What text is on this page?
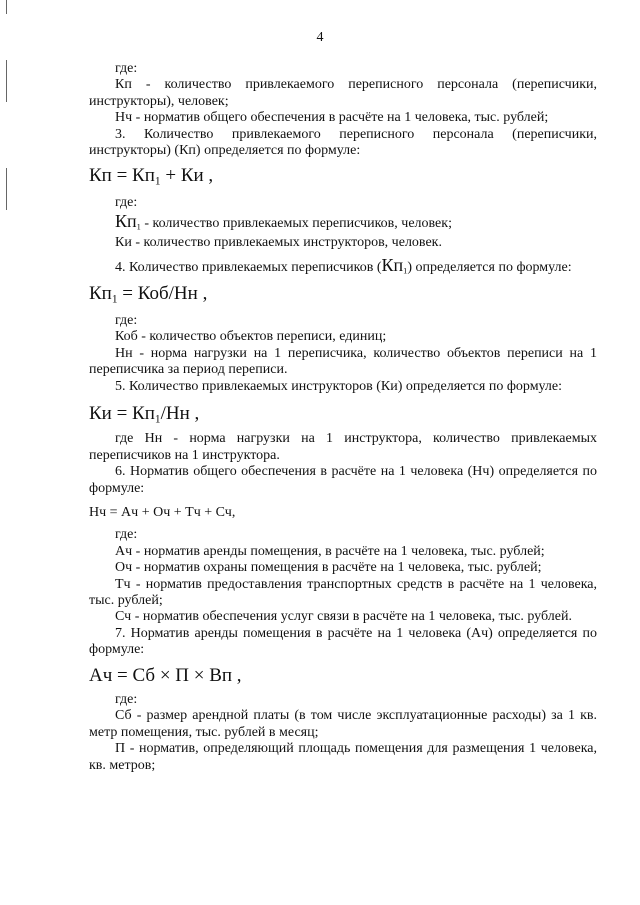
4

где:

Кп - количество привлекаемого переписного персонала (переписчики, инструкторы), человек;

Нч - норматив общего обеспечения в расчёте на 1 человека, тыс. рублей;

3. Количество привлекаемого переписного персонала (переписчики, инструкторы) (Кп) определяется по формуле:

Кп = $Кп_1$ + Ки ,

где:

$Кп_1$ - количество привлекаемых переписчиков, человек;

Ки - количество привлекаемых инструкторов, человек.

4. Количество привлекаемых переписчиков $(Кп_1)$ определяется по формуле:

$Кп_1 = Коб/Нн$ ,

где:

Коб - количество объектов переписи, единиц;

Нн - норма нагрузки на 1 переписчика, количество объектов переписи на 1 переписчика за период переписи.

5. Количество привлекаемых инструкторов (Ки) определяется по формуле:

Ки = $Кп_1/Нн$ ,

где Нн - норма нагрузки на 1 инструктора, количество привлекаемых переписчиков на 1 инструктора.

6. Норматив общего обеспечения в расчёте на 1 человека (Нч) определяется по формуле:

Нч = Ач + Оч + Тч + Сч,

где:

Ач - норматив аренды помещения, в расчёте на 1 человека, тыс. рублей;

Оч - норматив охраны помещения в расчёте на 1 человека, тыс. рублей;

Тч - норматив предоставления транспортных средств в расчёте на 1 человека, тыс. рублей;

Сч - норматив обеспечения услуг связи в расчёте на 1 человека, тыс. рублей.

7. Норматив аренды помещения в расчёте на 1 человека (Ач) определяется по формуле:

Ач = Сб × П × Вп ,

где:

Сб - размер арендной платы (в том числе эксплуатационные расходы) за 1 кв. метр помещения, тыс. рублей в месяц;

П - норматив, определяющий площадь помещения для размещения 1 человека, кв. метров;
